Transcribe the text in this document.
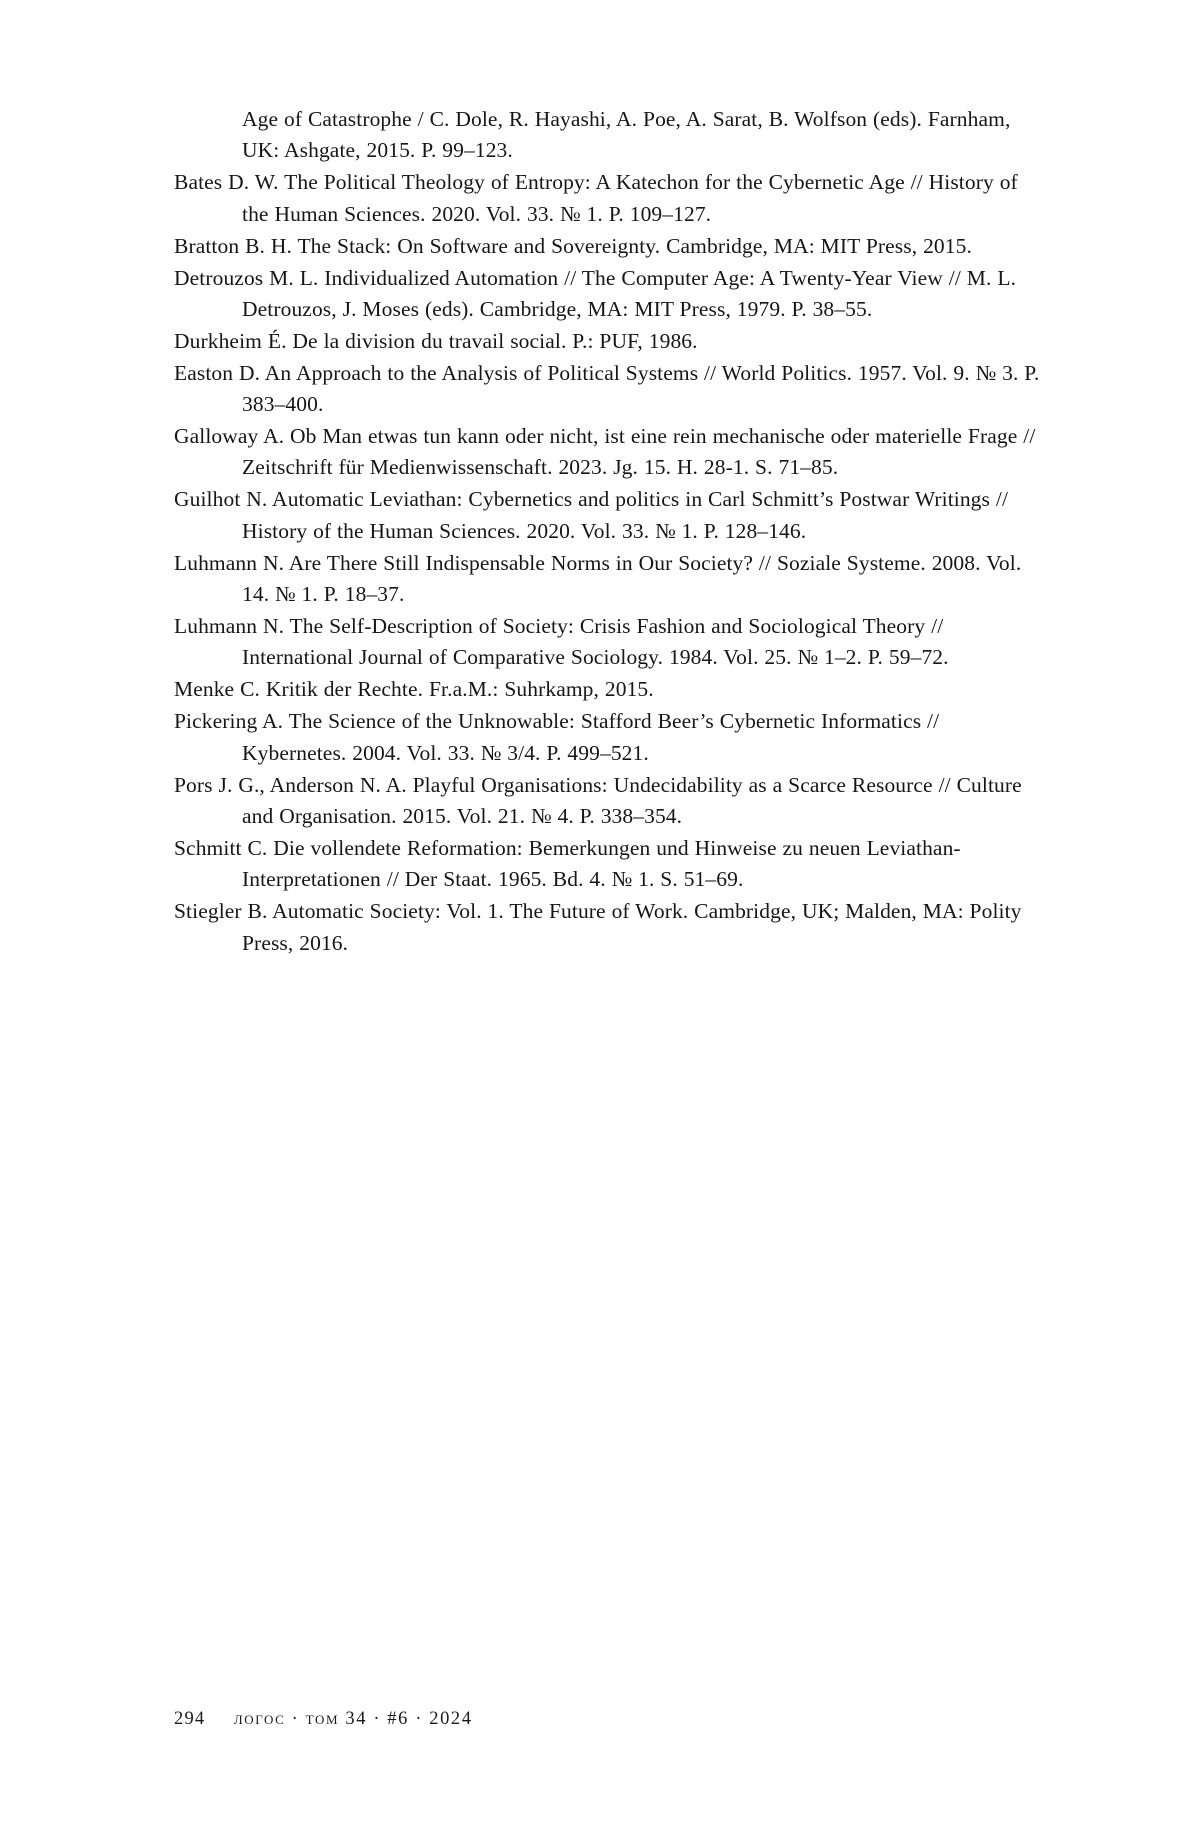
Age of Catastrophe / C. Dole, R. Hayashi, A. Poe, A. Sarat, B. Wolfson (eds). Farnham, UK: Ashgate, 2015. P. 99–123.

Bates D. W. The Political Theology of Entropy: A Katechon for the Cybernetic Age // History of the Human Sciences. 2020. Vol. 33. № 1. P. 109–127.

Bratton B. H. The Stack: On Software and Sovereignty. Cambridge, MA: MIT Press, 2015.

Detrouzos M. L. Individualized Automation // The Computer Age: A Twenty-Year View // M. L. Detrouzos, J. Moses (eds). Cambridge, MA: MIT Press, 1979. P. 38–55.

Durkheim É. De la division du travail social. P.: PUF, 1986.

Easton D. An Approach to the Analysis of Political Systems // World Politics. 1957. Vol. 9. № 3. P. 383–400.

Galloway A. Ob Man etwas tun kann oder nicht, ist eine rein mechanische oder materielle Frage // Zeitschrift für Medienwissenschaft. 2023. Jg. 15. H. 28-1. S. 71–85.

Guilhot N. Automatic Leviathan: Cybernetics and politics in Carl Schmitt’s Postwar Writings // History of the Human Sciences. 2020. Vol. 33. № 1. P. 128–146.

Luhmann N. Are There Still Indispensable Norms in Our Society? // Soziale Systeme. 2008. Vol. 14. № 1. P. 18–37.

Luhmann N. The Self-Description of Society: Crisis Fashion and Sociological Theory // International Journal of Comparative Sociology. 1984. Vol. 25. № 1–2. P. 59–72.

Menke C. Kritik der Rechte. Fr.a.M.: Suhrkamp, 2015.

Pickering A. The Science of the Unknowable: Stafford Beer’s Cybernetic Informatics // Kybernetes. 2004. Vol. 33. № 3/4. P. 499–521.

Pors J. G., Anderson N. A. Playful Organisations: Undecidability as a Scarce Resource // Culture and Organisation. 2015. Vol. 21. № 4. P. 338–354.

Schmitt C. Die vollendete Reformation: Bemerkungen und Hinweise zu neuen Leviathan-Interpretationen // Der Staat. 1965. Bd. 4. № 1. S. 51–69.

Stiegler B. Automatic Society: Vol. 1. The Future of Work. Cambridge, UK; Malden, MA: Polity Press, 2016.

294 логос · том 34 · #6 · 2024
